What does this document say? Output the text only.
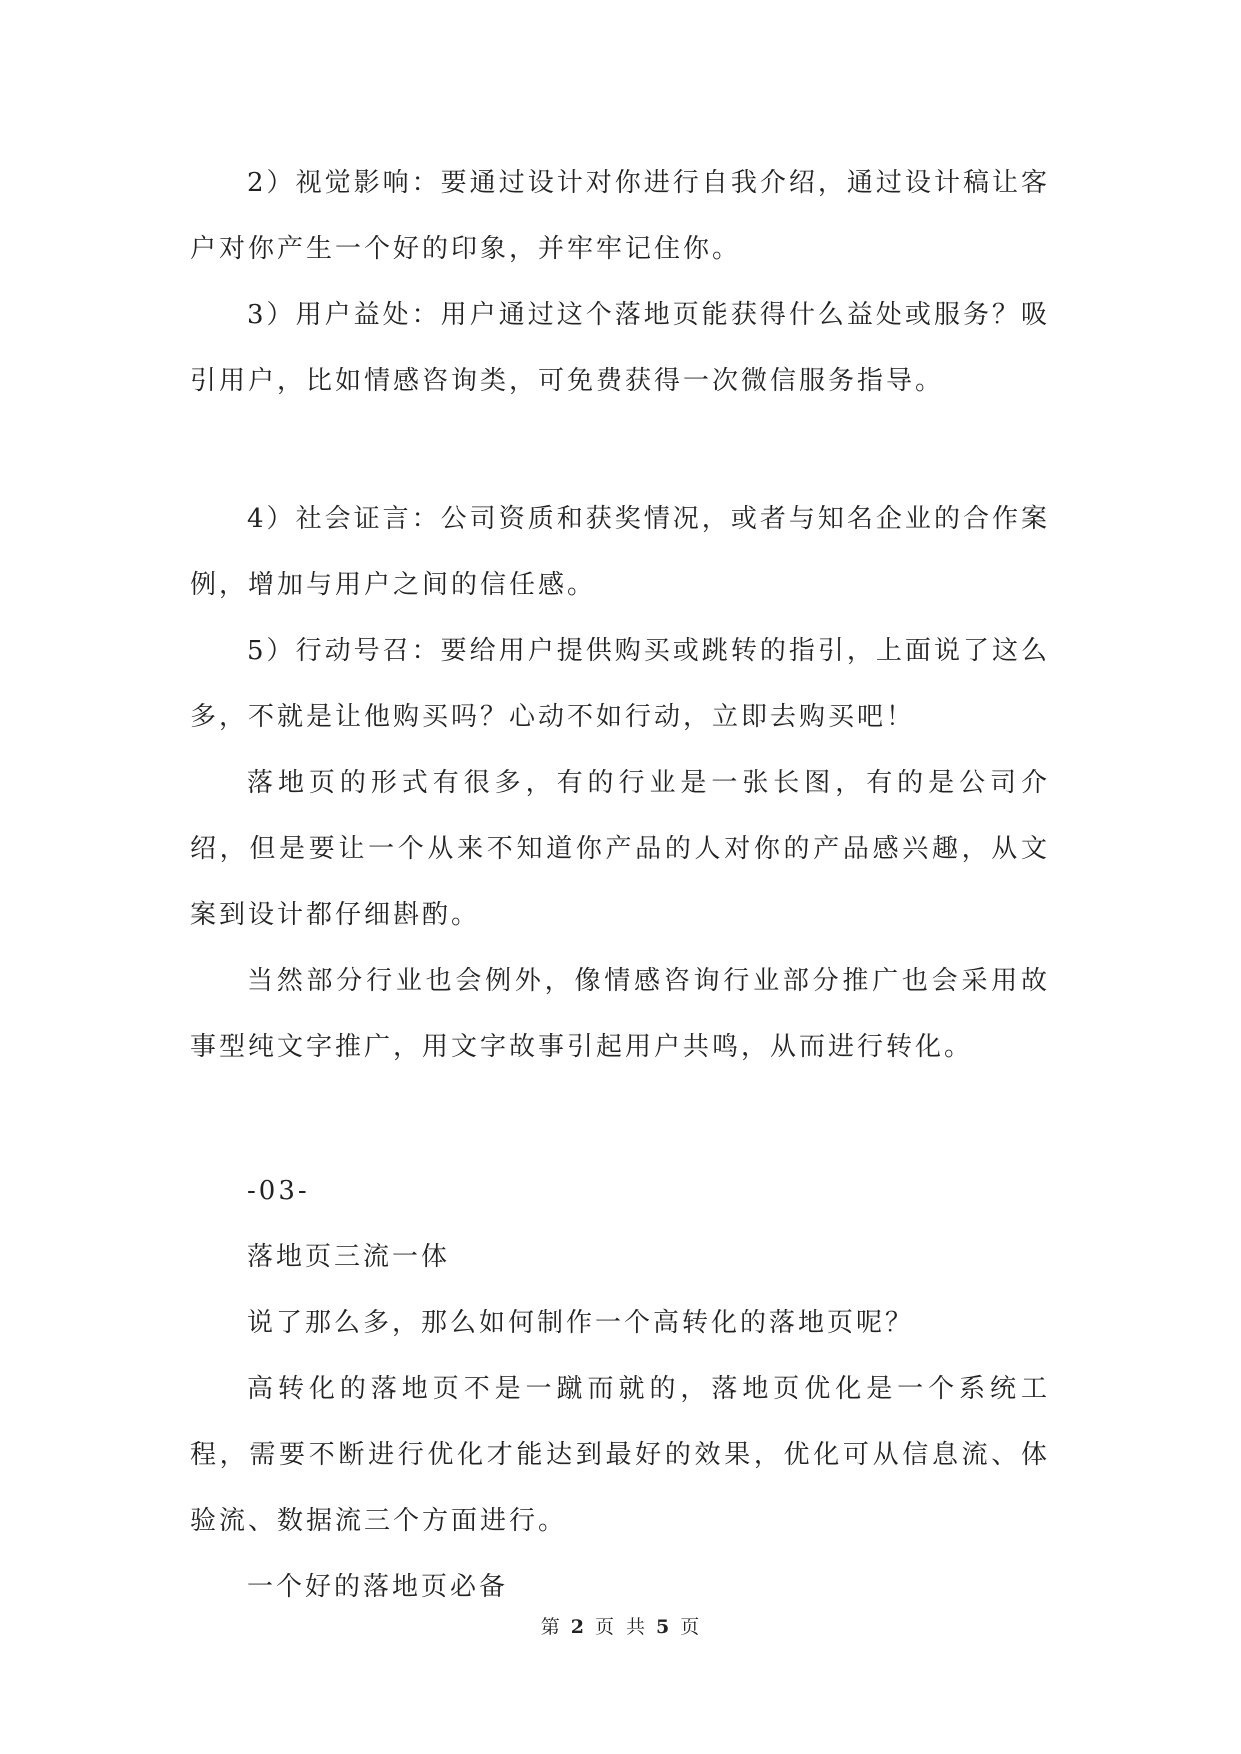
2）视觉影响：要通过设计对你进行自我介绍，通过设计稿让客户对你产生一个好的印象，并牢牢记住你。

3）用户益处：用户通过这个落地页能获得什么益处或服务？吸引用户，比如情感咨询类，可免费获得一次微信服务指导。

4）社会证言：公司资质和获奖情况，或者与知名企业的合作案例，增加与用户之间的信任感。

5）行动号召：要给用户提供购买或跳转的指引，上面说了这么多，不就是让他购买吗？心动不如行动，立即去购买吧！

落地页的形式有很多，有的行业是一张长图，有的是公司介绍，但是要让一个从来不知道你产品的人对你的产品感兴趣，从文案到设计都仔细斟酌。

当然部分行业也会例外，像情感咨询行业部分推广也会采用故事型纯文字推广，用文字故事引起用户共鸣，从而进行转化。

-03-

落地页三流一体

说了那么多，那么如何制作一个高转化的落地页呢？

高转化的落地页不是一蹴而就的，落地页优化是一个系统工程，需要不断进行优化才能达到最好的效果，优化可从信息流、体验流、数据流三个方面进行。

一个好的落地页必备

第 2 页 共 5 页
